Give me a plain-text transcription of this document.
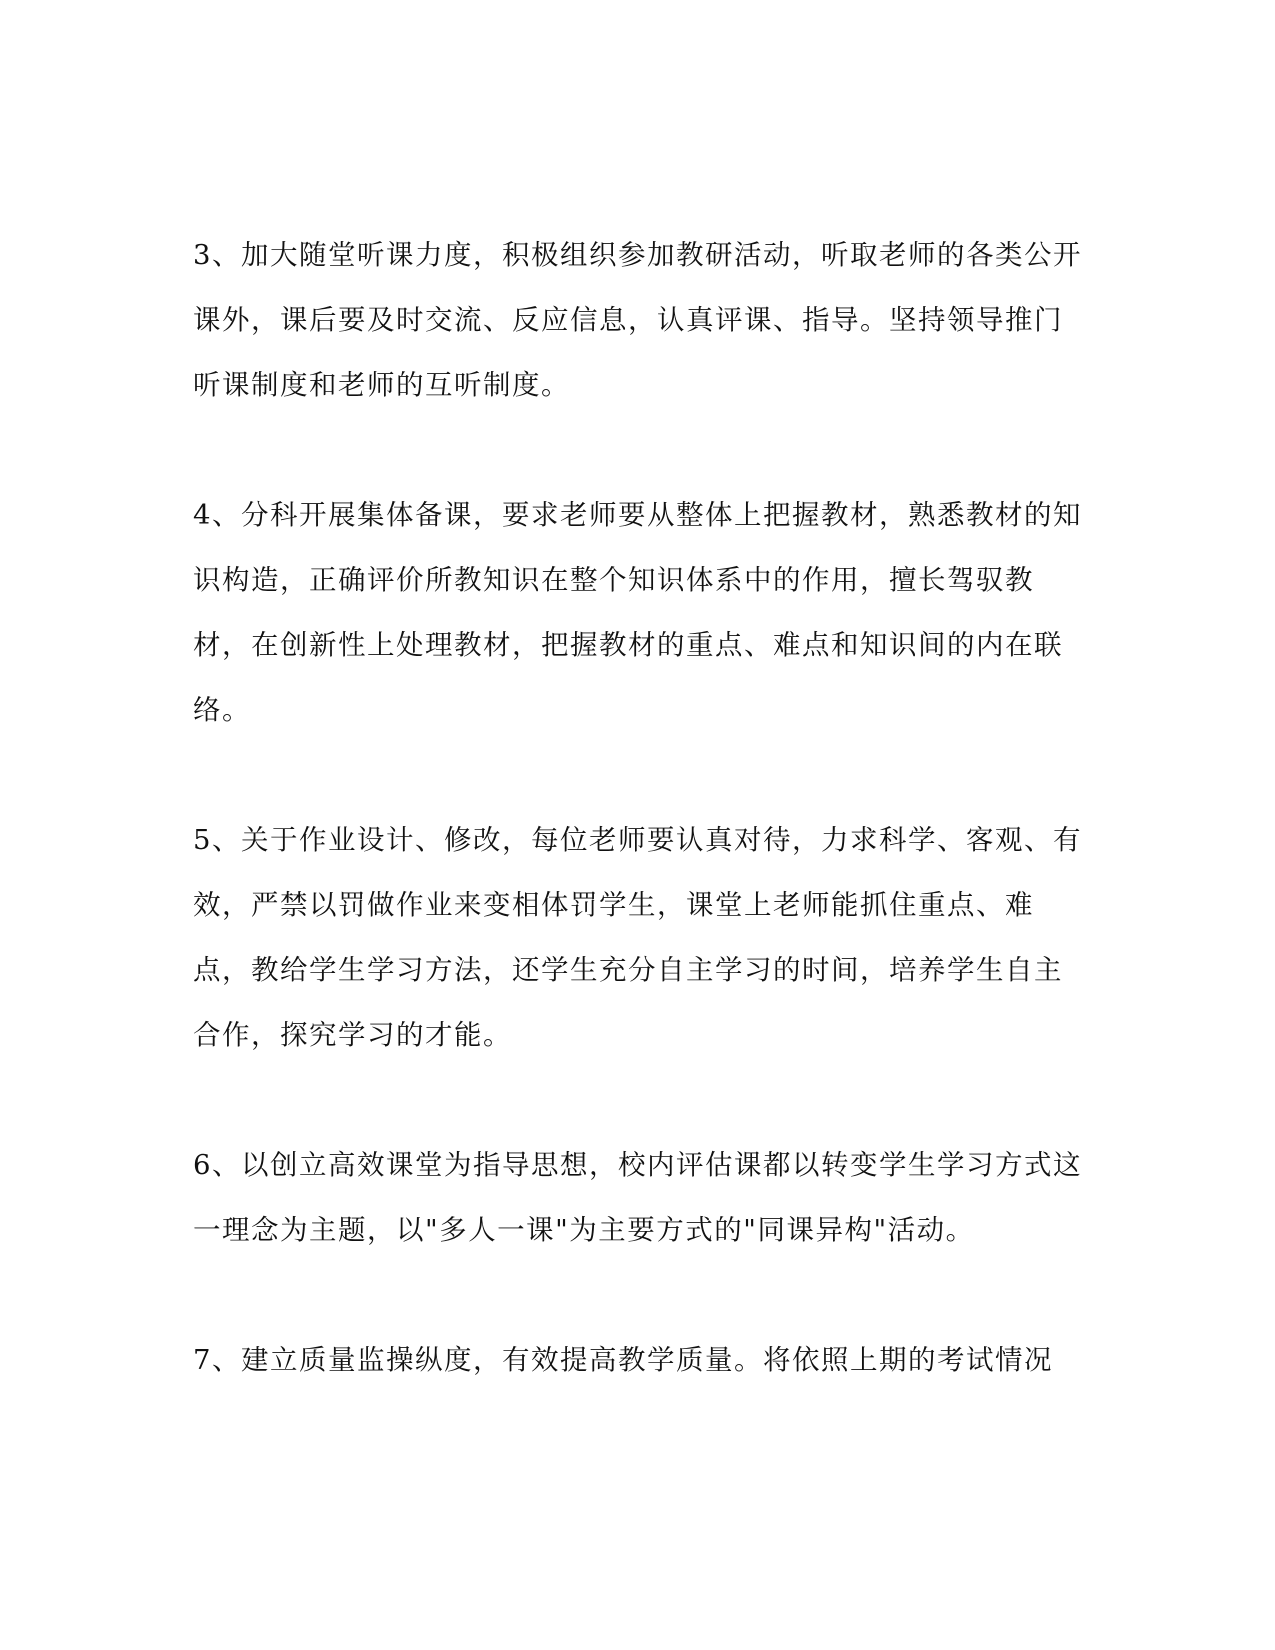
3、加大随堂听课力度，积极组织参加教研活动，听取老师的各类公开课外，课后要及时交流、反应信息，认真评课、指导。坚持领导推门听课制度和老师的互听制度。

4、分科开展集体备课，要求老师要从整体上把握教材，熟悉教材的知识构造，正确评价所教知识在整个知识体系中的作用，擅长驾驭教材，在创新性上处理教材，把握教材的重点、难点和知识间的内在联络。

5、关于作业设计、修改，每位老师要认真对待，力求科学、客观、有效，严禁以罚做作业来变相体罚学生，课堂上老师能抓住重点、难点，教给学生学习方法，还学生充分自主学习的时间，培养学生自主合作，探究学习的才能。

6、以创立高效课堂为指导思想，校内评估课都以转变学生学习方式这一理念为主题，以"多人一课"为主要方式的"同课异构"活动。

7、建立质量监操纵度，有效提高教学质量。将依照上期的考试情况
